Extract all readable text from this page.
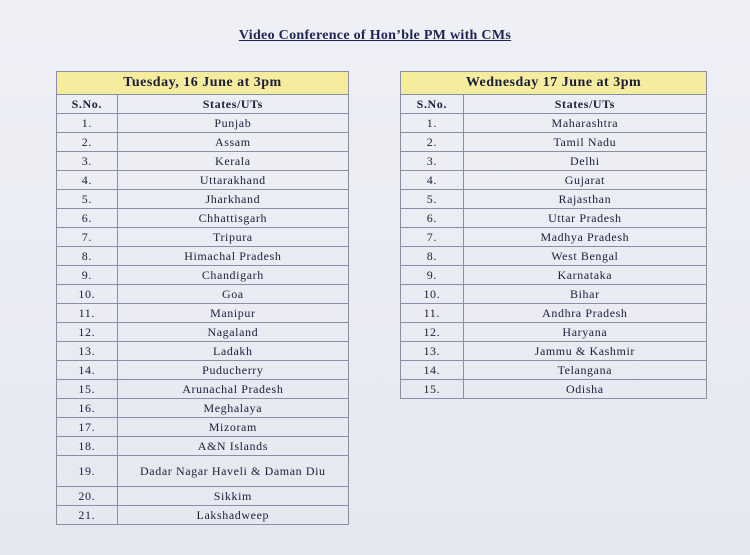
Video Conference of Hon’ble PM with CMs
Tuesday, 16 June at 3pm	
S.No.	States/UTs
1.	Punjab
2.	Assam
3.	Kerala
4.	Uttarakhand
5.	Jharkhand
6.	Chhattisgarh
7.	Tripura
8.	Himachal Pradesh
9.	Chandigarh
10.	Goa
11.	Manipur
12.	Nagaland
13.	Ladakh
14.	Puducherry
15.	Arunachal Pradesh
16.	Meghalaya
17.	Mizoram
18.	A&N Islands
19.	Dadar Nagar Haveli & Daman Diu
20.	Sikkim
21.	Lakshadweep
Wednesday 17 June at 3pm	
S.No.	States/UTs
1.	Maharashtra
2.	Tamil Nadu
3.	Delhi
4.	Gujarat
5.	Rajasthan
6.	Uttar Pradesh
7.	Madhya Pradesh
8.	West Bengal
9.	Karnataka
10.	Bihar
11.	Andhra Pradesh
12.	Haryana
13.	Jammu & Kashmir
14.	Telangana
15.	Odisha
